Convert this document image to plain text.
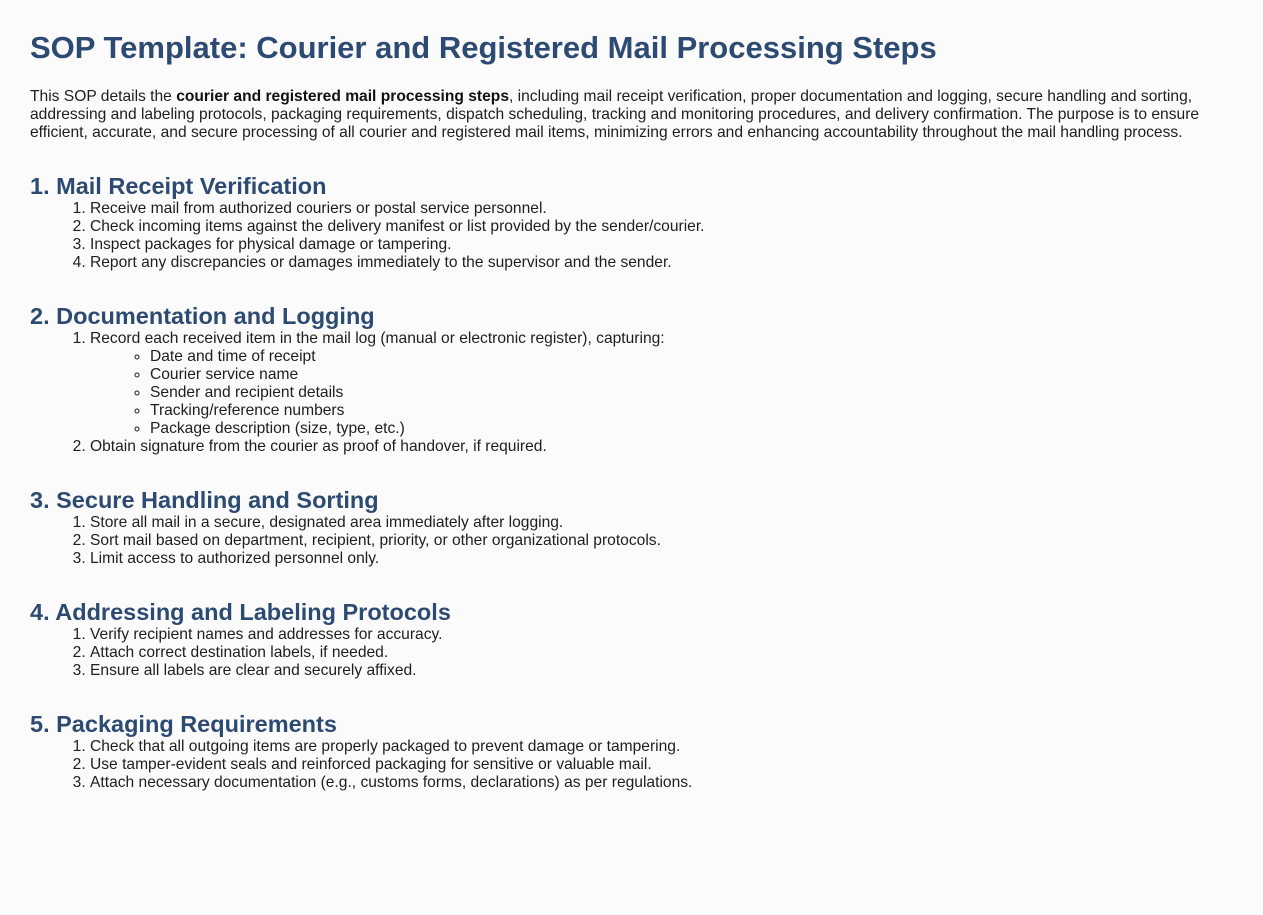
SOP Template: Courier and Registered Mail Processing Steps

This SOP details the courier and registered mail processing steps, including mail receipt verification, proper documentation and logging, secure handling and sorting, addressing and labeling protocols, packaging requirements, dispatch scheduling, tracking and monitoring procedures, and delivery confirmation. The purpose is to ensure efficient, accurate, and secure processing of all courier and registered mail items, minimizing errors and enhancing accountability throughout the mail handling process.

1. Mail Receipt Verification
1. Receive mail from authorized couriers or postal service personnel.
2. Check incoming items against the delivery manifest or list provided by the sender/courier.
3. Inspect packages for physical damage or tampering.
4. Report any discrepancies or damages immediately to the supervisor and the sender.
2. Documentation and Logging
1. Record each received item in the mail log (manual or electronic register), capturing:
◦ Date and time of receipt
◦ Courier service name
◦ Sender and recipient details
◦ Tracking/reference numbers
◦ Package description (size, type, etc.)
2. Obtain signature from the courier as proof of handover, if required.
3. Secure Handling and Sorting
1. Store all mail in a secure, designated area immediately after logging.
2. Sort mail based on department, recipient, priority, or other organizational protocols.
3. Limit access to authorized personnel only.
4. Addressing and Labeling Protocols
1. Verify recipient names and addresses for accuracy.
2. Attach correct destination labels, if needed.
3. Ensure all labels are clear and securely affixed.
5. Packaging Requirements
1. Check that all outgoing items are properly packaged to prevent damage or tampering.
2. Use tamper-evident seals and reinforced packaging for sensitive or valuable mail.
3. Attach necessary documentation (e.g., customs forms, declarations) as per regulations.
